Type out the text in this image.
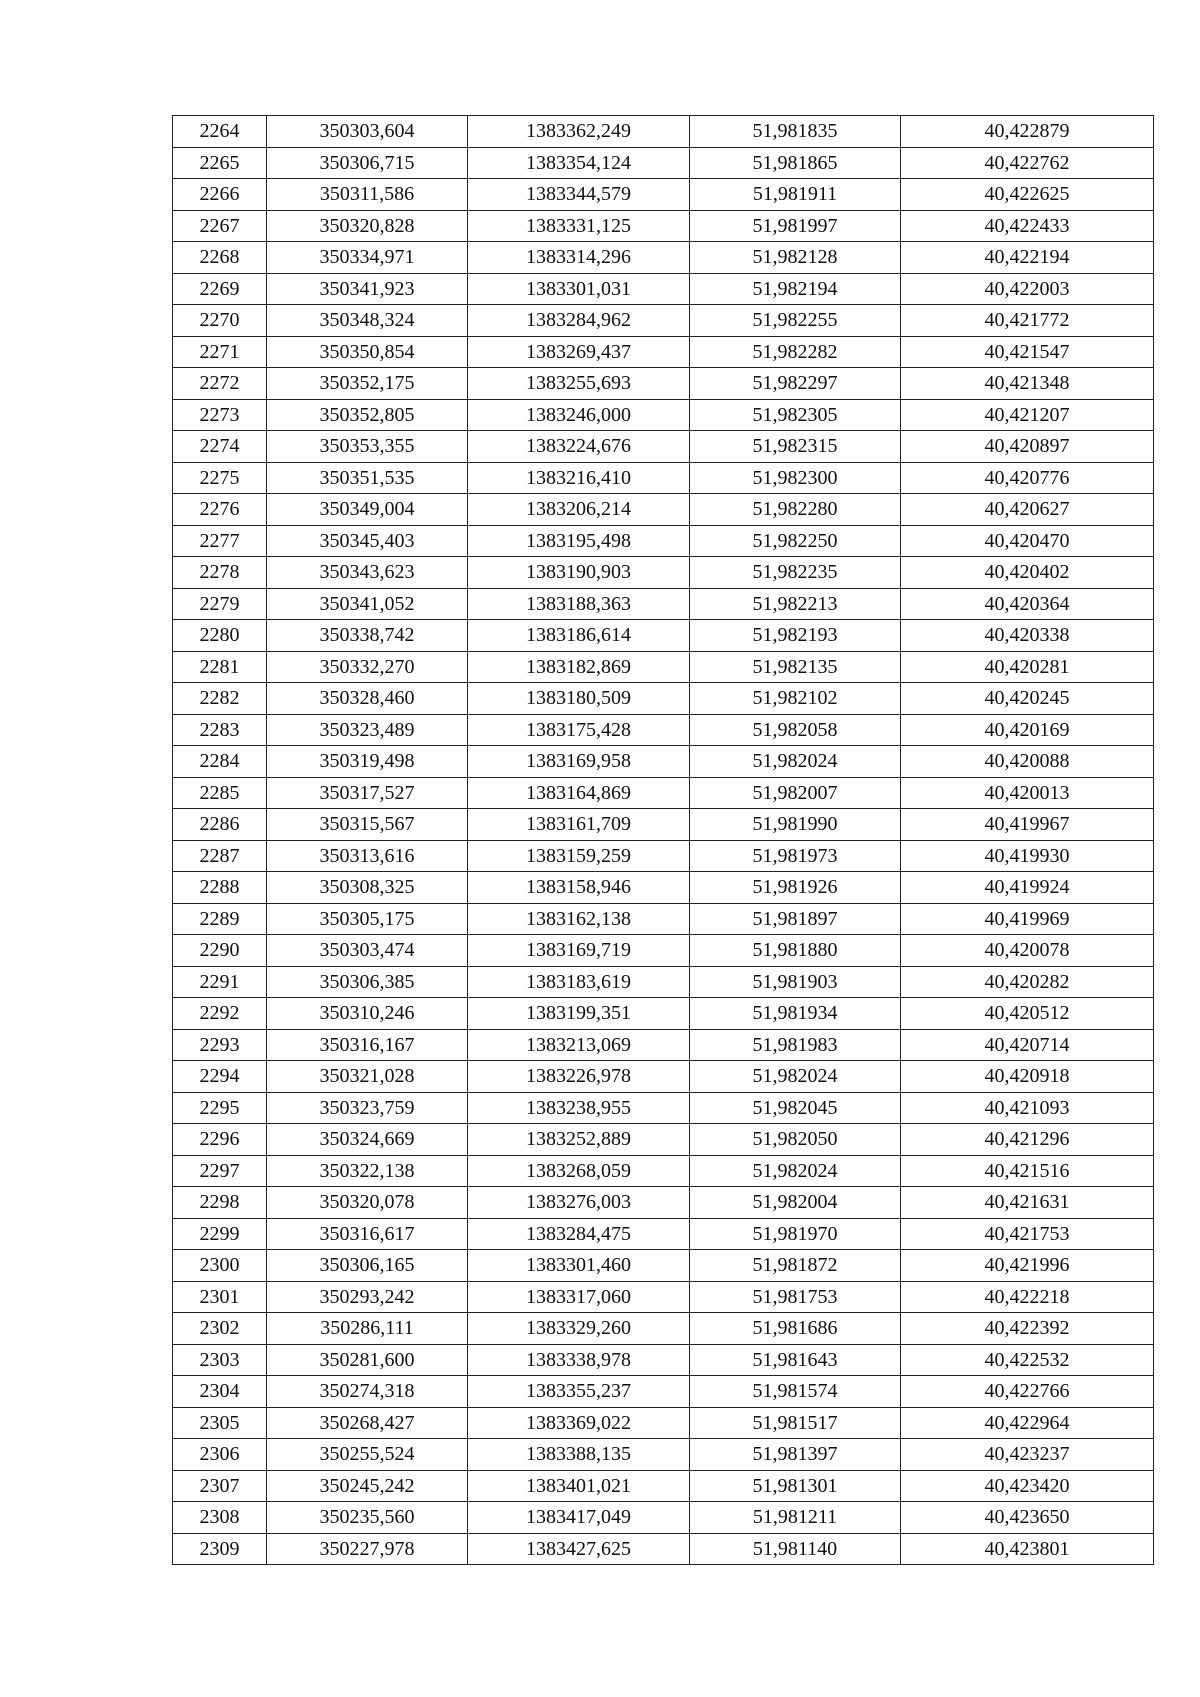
2264	350303,604	1383362,249	51,981835	40,422879
2265	350306,715	1383354,124	51,981865	40,422762
2266	350311,586	1383344,579	51,981911	40,422625
2267	350320,828	1383331,125	51,981997	40,422433
2268	350334,971	1383314,296	51,982128	40,422194
2269	350341,923	1383301,031	51,982194	40,422003
2270	350348,324	1383284,962	51,982255	40,421772
2271	350350,854	1383269,437	51,982282	40,421547
2272	350352,175	1383255,693	51,982297	40,421348
2273	350352,805	1383246,000	51,982305	40,421207
2274	350353,355	1383224,676	51,982315	40,420897
2275	350351,535	1383216,410	51,982300	40,420776
2276	350349,004	1383206,214	51,982280	40,420627
2277	350345,403	1383195,498	51,982250	40,420470
2278	350343,623	1383190,903	51,982235	40,420402
2279	350341,052	1383188,363	51,982213	40,420364
2280	350338,742	1383186,614	51,982193	40,420338
2281	350332,270	1383182,869	51,982135	40,420281
2282	350328,460	1383180,509	51,982102	40,420245
2283	350323,489	1383175,428	51,982058	40,420169
2284	350319,498	1383169,958	51,982024	40,420088
2285	350317,527	1383164,869	51,982007	40,420013
2286	350315,567	1383161,709	51,981990	40,419967
2287	350313,616	1383159,259	51,981973	40,419930
2288	350308,325	1383158,946	51,981926	40,419924
2289	350305,175	1383162,138	51,981897	40,419969
2290	350303,474	1383169,719	51,981880	40,420078
2291	350306,385	1383183,619	51,981903	40,420282
2292	350310,246	1383199,351	51,981934	40,420512
2293	350316,167	1383213,069	51,981983	40,420714
2294	350321,028	1383226,978	51,982024	40,420918
2295	350323,759	1383238,955	51,982045	40,421093
2296	350324,669	1383252,889	51,982050	40,421296
2297	350322,138	1383268,059	51,982024	40,421516
2298	350320,078	1383276,003	51,982004	40,421631
2299	350316,617	1383284,475	51,981970	40,421753
2300	350306,165	1383301,460	51,981872	40,421996
2301	350293,242	1383317,060	51,981753	40,422218
2302	350286,111	1383329,260	51,981686	40,422392
2303	350281,600	1383338,978	51,981643	40,422532
2304	350274,318	1383355,237	51,981574	40,422766
2305	350268,427	1383369,022	51,981517	40,422964
2306	350255,524	1383388,135	51,981397	40,423237
2307	350245,242	1383401,021	51,981301	40,423420
2308	350235,560	1383417,049	51,981211	40,423650
2309	350227,978	1383427,625	51,981140	40,423801
